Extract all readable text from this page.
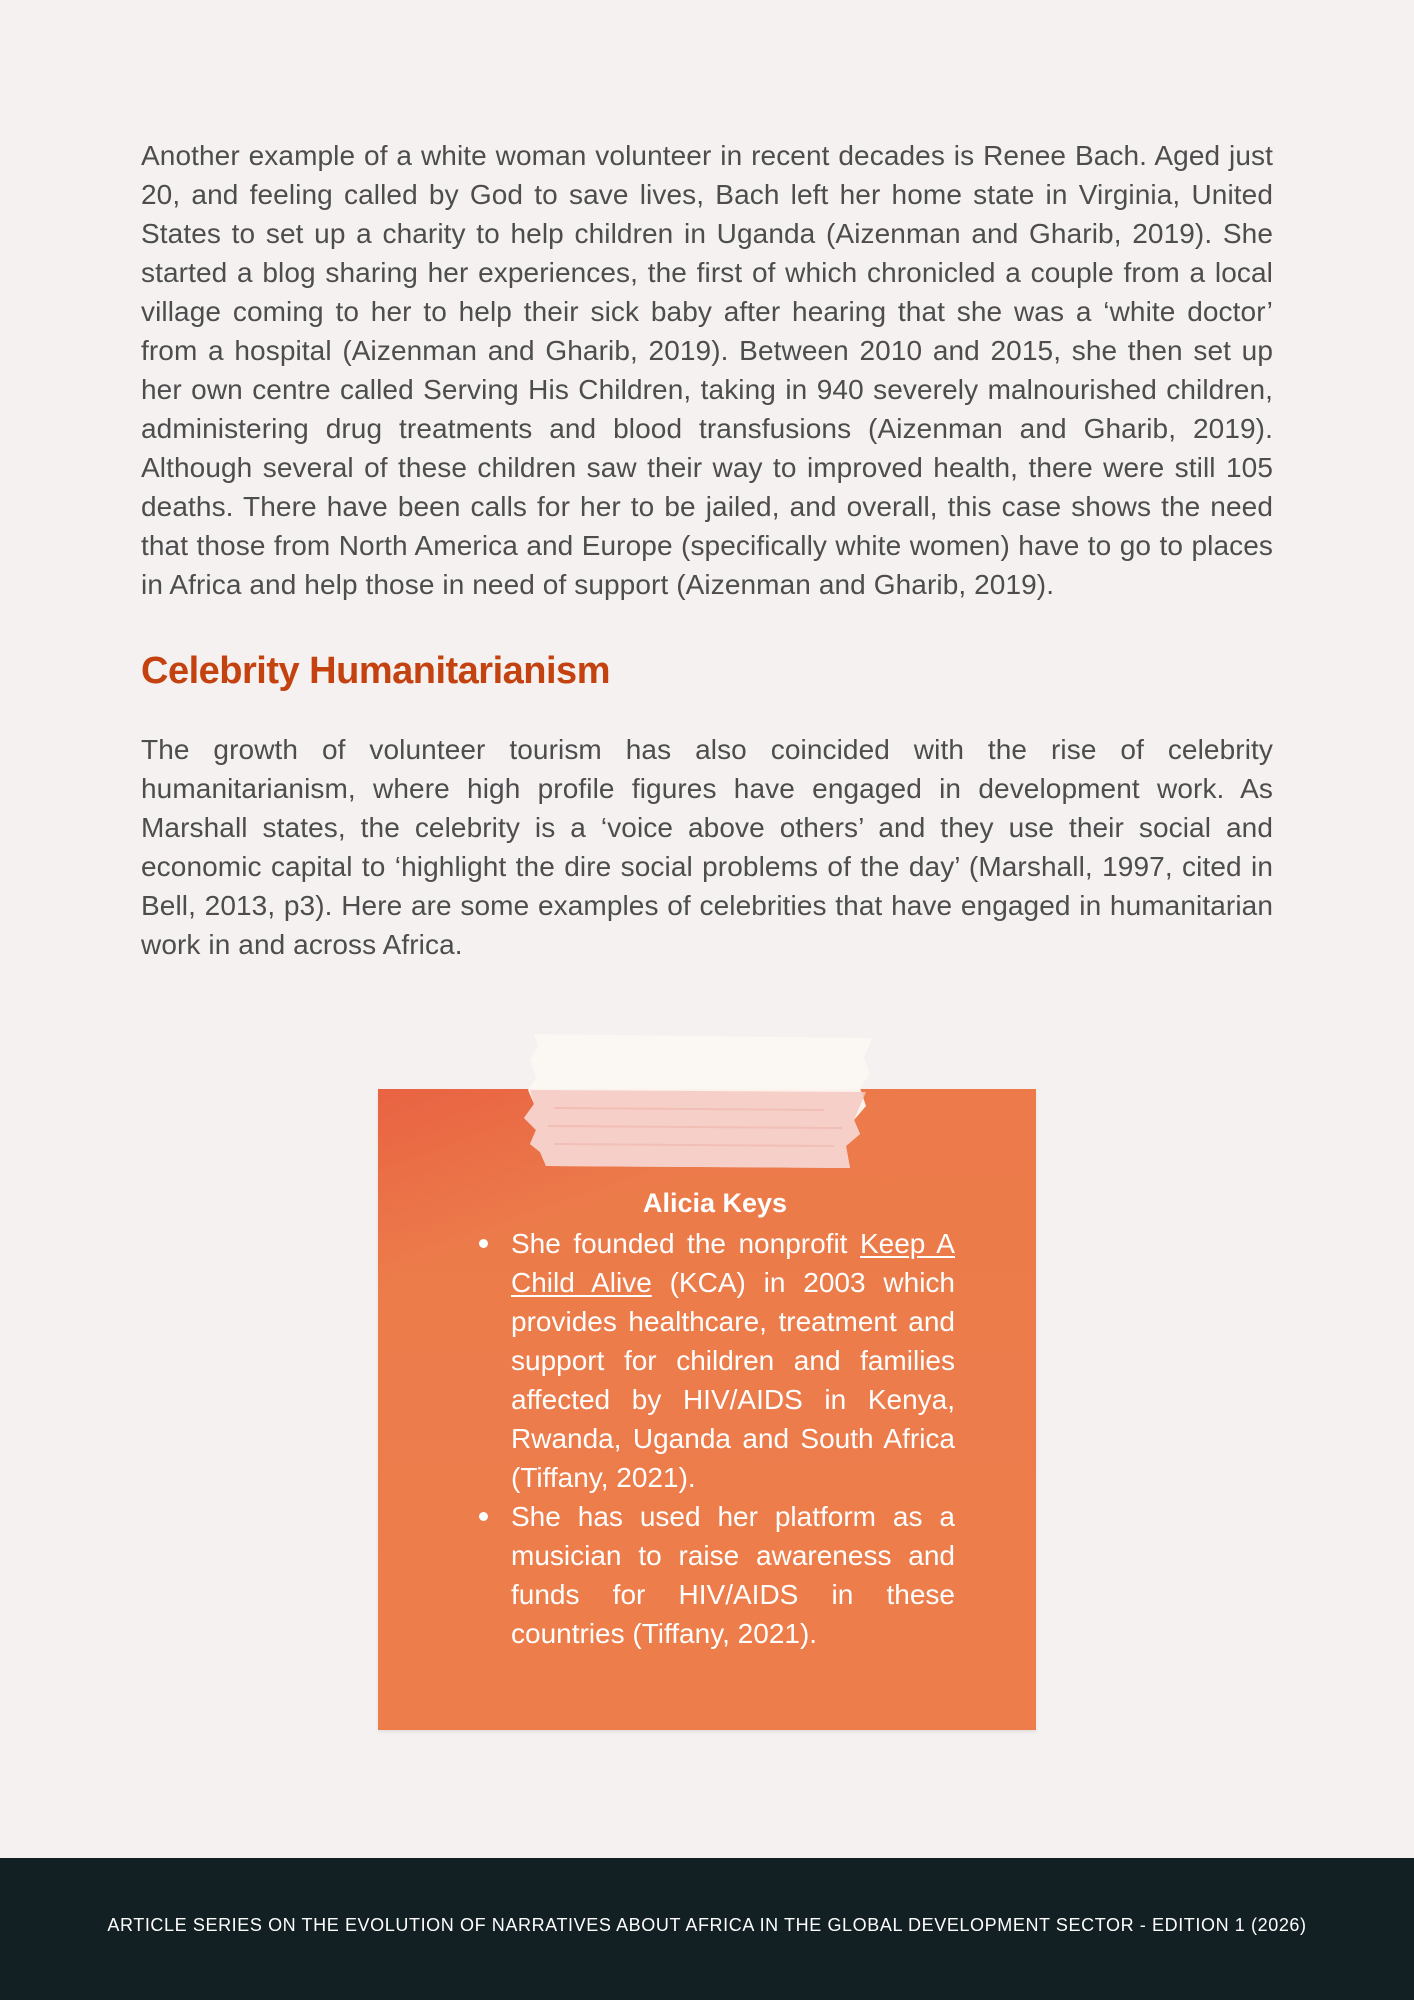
Another example of a white woman volunteer in recent decades is Renee Bach. Aged just 20, and feeling called by God to save lives, Bach left her home state in Virginia, United States to set up a charity to help children in Uganda (Aizenman and Gharib, 2019). She started a blog sharing her experiences, the first of which chronicled a couple from a local village coming to her to help their sick baby after hearing that she was a ‘white doctor’ from a hospital (Aizenman and Gharib, 2019). Between 2010 and 2015, she then set up her own centre called Serving His Children, taking in 940 severely malnourished children, administering drug treatments and blood transfusions (Aizenman and Gharib, 2019). Although several of these children saw their way to improved health, there were still 105 deaths. There have been calls for her to be jailed, and overall, this case shows the need that those from North America and Europe (specifically white women) have to go to places in Africa and help those in need of support (Aizenman and Gharib, 2019).

Celebrity Humanitarianism

The growth of volunteer tourism has also coincided with the rise of celebrity humanitarianism, where high profile figures have engaged in development work. As Marshall states, the celebrity is a ‘voice above others’ and they use their social and economic capital to ‘highlight the dire social problems of the day’ (Marshall, 1997, cited in Bell, 2013, p3). Here are some examples of celebrities that have engaged in humanitarian work in and across Africa.

Alicia Keys
She founded the nonprofit Keep A Child Alive (KCA) in 2003 which provides healthcare, treatment and support for children and families affected by HIV/AIDS in Kenya, Rwanda, Uganda and South Africa (Tiffany, 2021).
She has used her platform as a musician to raise awareness and funds for HIV/AIDS in these countries (Tiffany, 2021).
ARTICLE SERIES ON THE EVOLUTION OF NARRATIVES ABOUT AFRICA IN THE GLOBAL DEVELOPMENT SECTOR - EDITION 1 (2026)
